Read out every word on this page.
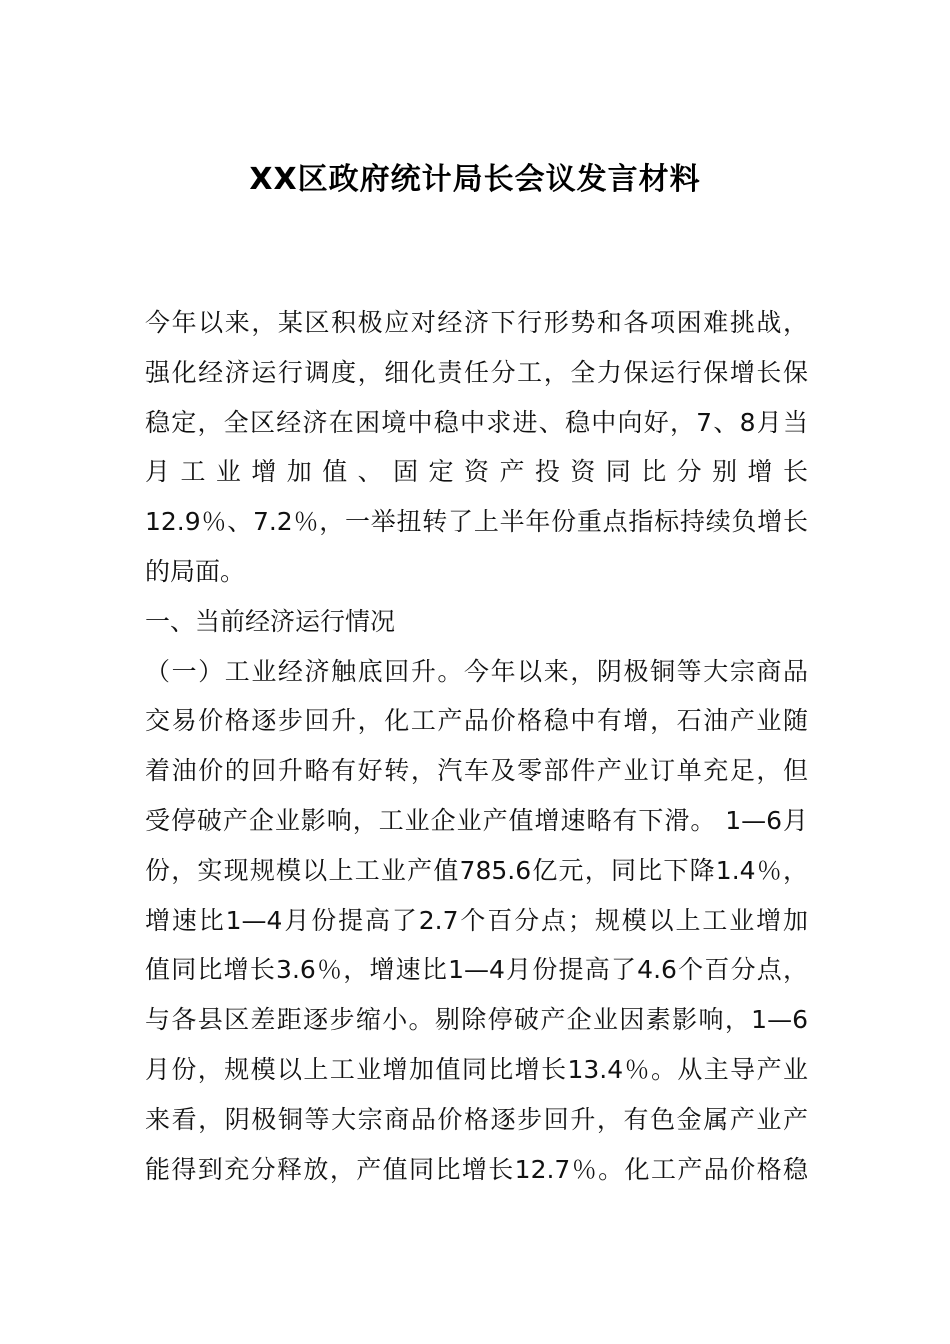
XX区政府统计局长会议发言材料
今年以来，某区积极应对经济下行形势和各项困难挑战，
强化经济运行调度，细化责任分工，全力保运行保增长保
稳定，全区经济在困境中稳中求进、稳中向好，7、8月当
月 工 业 增 加 值 、 固 定 资 产 投 资 同 比 分 别 增 长
12.9％、7.2％，一举扭转了上半年份重点指标持续负增长
的局面。
一、当前经济运行情况
（一）工业经济触底回升。今年以来，阴极铜等大宗商品
交易价格逐步回升，化工产品价格稳中有增，石油产业随
着油价的回升略有好转，汽车及零部件产业订单充足，但
受停破产企业影响，工业企业产值增速略有下滑。 1—6月
份，实现规模以上工业产值785.6亿元，同比下降1.4％，
增速比1—4月份提高了2.7个百分点；规模以上工业增加
值同比增长3.6％，增速比1—4月份提高了4.6个百分点，
与各县区差距逐步缩小。剔除停破产企业因素影响，1—6
月份，规模以上工业增加值同比增长13.4％。从主导产业
来看，阴极铜等大宗商品价格逐步回升，有色金属产业产
能得到充分释放，产值同比增长12.7％。化工产品价格稳
